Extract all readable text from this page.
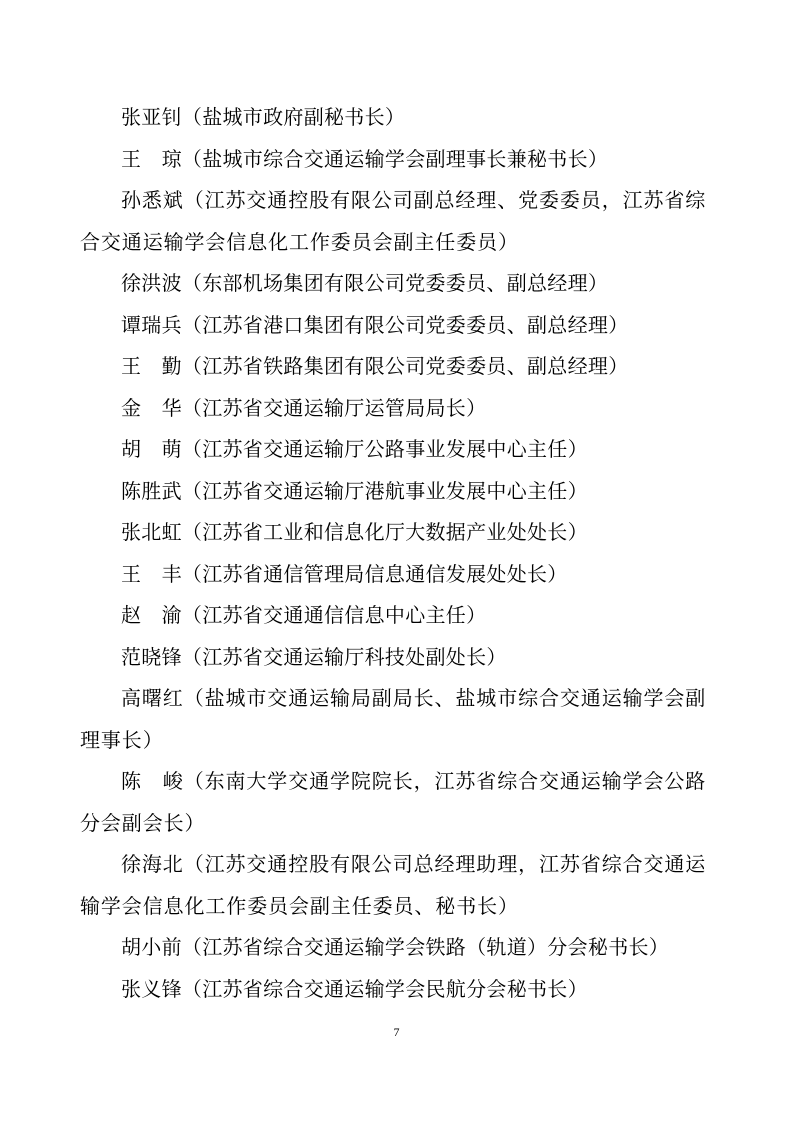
张亚钊（盐城市政府副秘书长）

王　琼（盐城市综合交通运输学会副理事长兼秘书长）

孙悉斌（江苏交通控股有限公司副总经理、党委委员，江苏省综合交通运输学会信息化工作委员会副主任委员）

徐洪波（东部机场集团有限公司党委委员、副总经理）

谭瑞兵（江苏省港口集团有限公司党委委员、副总经理）

王　勤（江苏省铁路集团有限公司党委委员、副总经理）

金　华（江苏省交通运输厅运管局局长）

胡　萌（江苏省交通运输厅公路事业发展中心主任）

陈胜武（江苏省交通运输厅港航事业发展中心主任）

张北虹（江苏省工业和信息化厅大数据产业处处长）

王　丰（江苏省通信管理局信息通信发展处处长）

赵　渝（江苏省交通通信信息中心主任）

范晓锋（江苏省交通运输厅科技处副处长）

高曙红（盐城市交通运输局副局长、盐城市综合交通运输学会副理事长）

陈　峻（东南大学交通学院院长，江苏省综合交通运输学会公路分会副会长）

徐海北（江苏交通控股有限公司总经理助理，江苏省综合交通运输学会信息化工作委员会副主任委员、秘书长）

胡小前（江苏省综合交通运输学会铁路（轨道）分会秘书长）

张义锋（江苏省综合交通运输学会民航分会秘书长）

7
